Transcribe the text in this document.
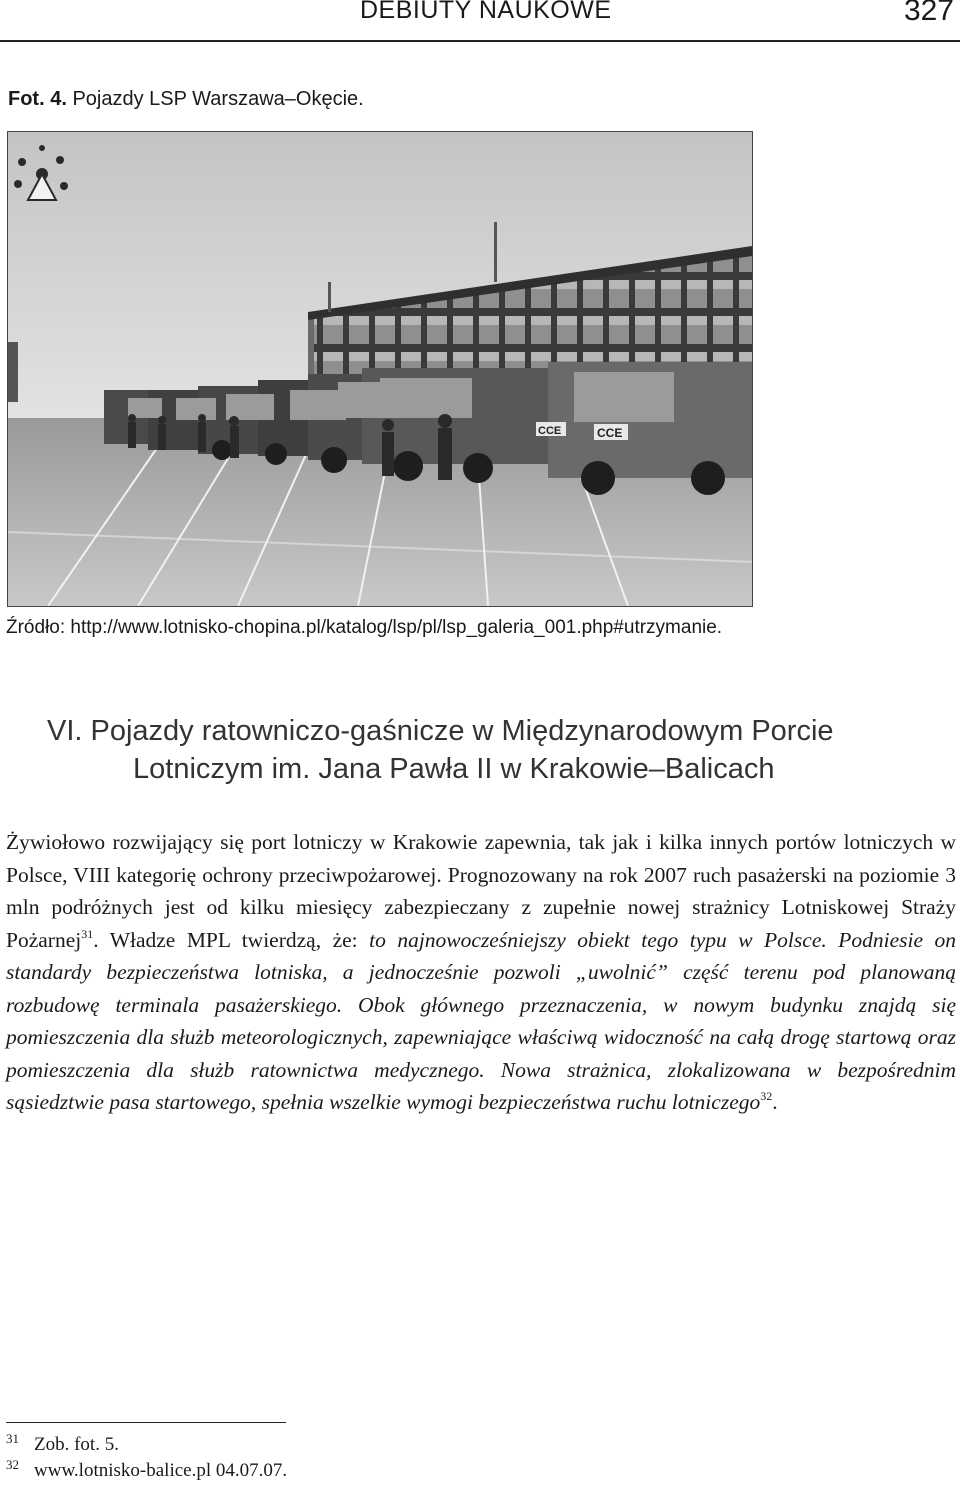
DEBIUTY NAUKOWE	327
Fot. 4. Pojazdy LSP Warszawa–Okęcie.
CCE	CCE
Źródło: http://www.lotnisko-chopina.pl/katalog/lsp/pl/lsp_galeria_001.php#utrzymanie.
VI. Pojazdy ratowniczo-gaśnicze w Międzynarodowym Porcie
Lotniczym im. Jana Pawła II w Krakowie–Balicach

Żywiołowo rozwijający się port lotniczy w Krakowie zapewnia, tak jak i kilka innych portów lotniczych w Polsce, VIII kategorię ochrony przeciwpożarowej. Prognozowany na rok 2007 ruch pasażerski na poziomie 3 mln podróżnych jest od kilku miesięcy zabezpieczany z zupełnie nowej strażnicy Lotniskowej Straży Pożarnej$^{31}$. Władze MPL twierdzą, że: to najnowocześniejszy obiekt tego typu w Polsce. Podniesie on standardy bezpieczeństwa lotniska, a jednocześnie pozwoli „uwolnić” część terenu pod planowaną rozbudowę terminala pasażerskiego. Obok głównego przeznaczenia, w nowym budynku znajdą się pomieszczenia dla służb meteorologicznych, zapewniające właściwą widoczność na całą drogę startową oraz pomieszczenia dla służb ratownictwa medycznego. Nowa strażnica, zlokalizowana w bezpośrednim sąsiedztwie pasa startowego, spełnia wszelkie wymogi bezpieczeństwa ruchu lotniczego$^{32}$.

31 Zob. fot. 5.
32 www.lotnisko-balice.pl 04.07.07.
